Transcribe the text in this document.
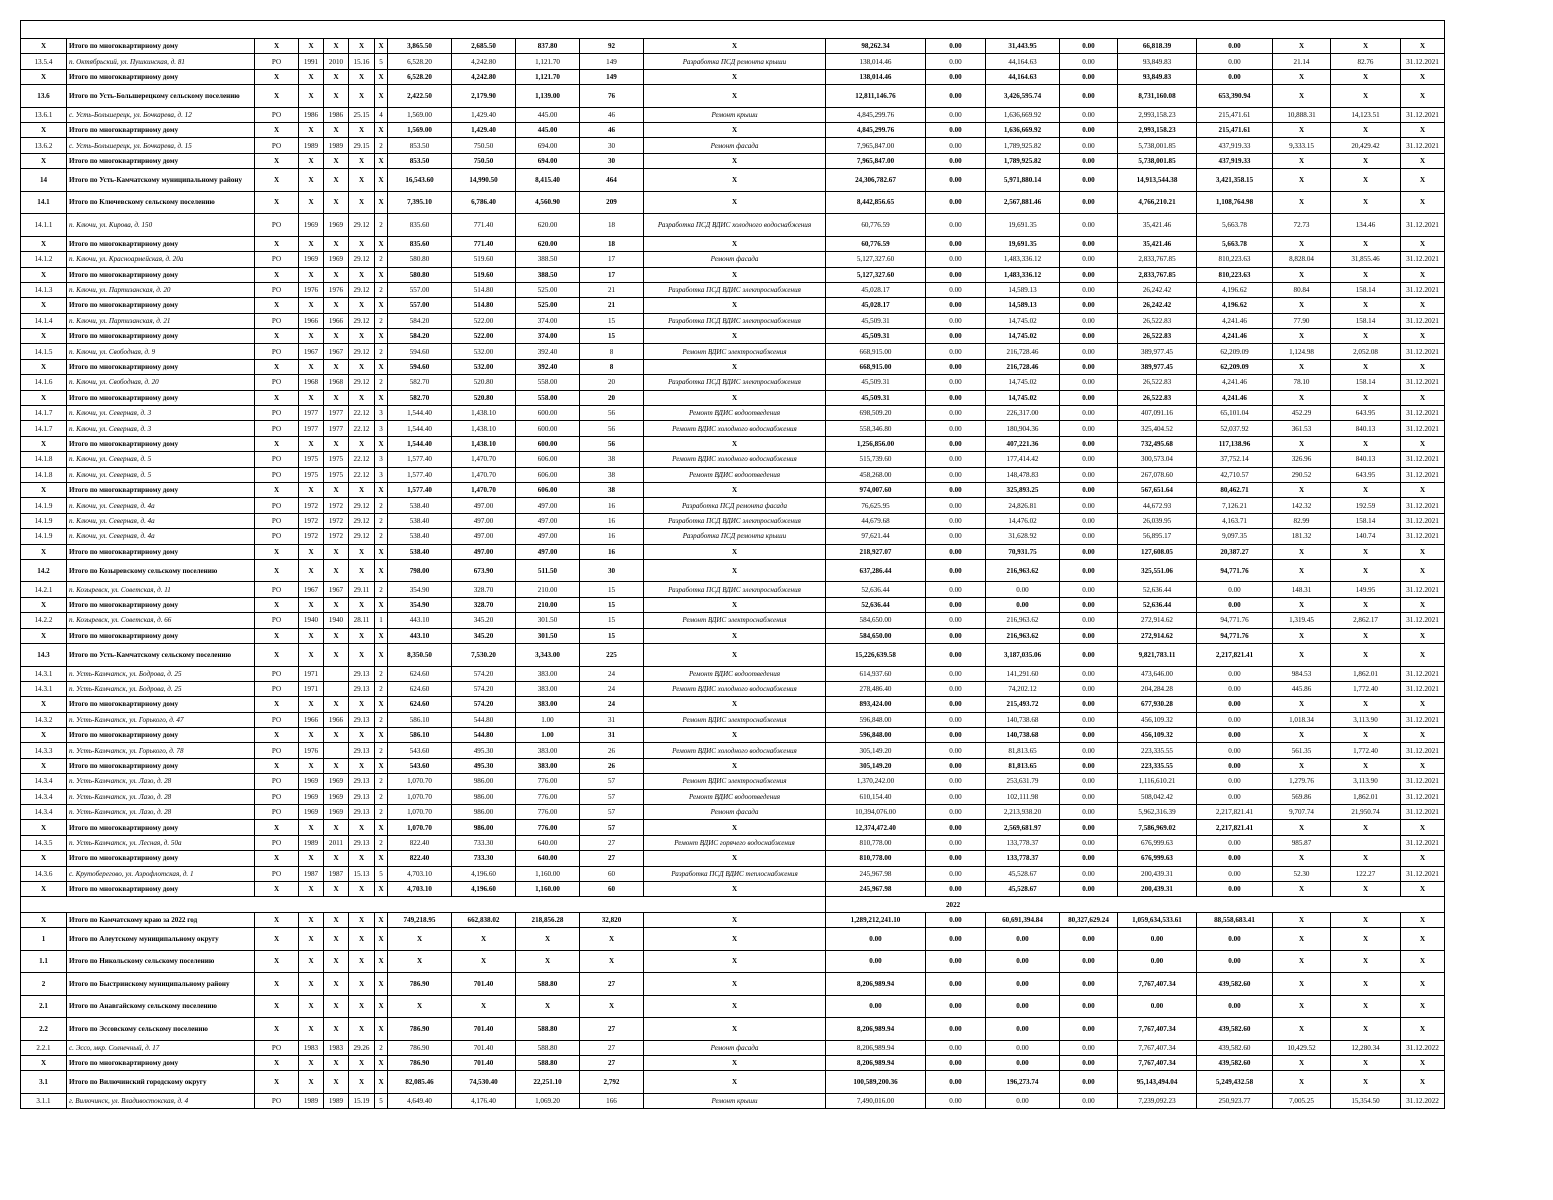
X	Итого по многоквартирному дому	X	X	X	X	X	3,865.50	2,685.50	837.80	92	X	98,262.34	0.00	31,443.95	0.00	66,818.39	0.00	X	X	X
13.5.4	п. Октябрьский, ул. Пушкинская, д. 81	РО	1991	2010	15.16	5	6,528.20	4,242.80	1,121.70	149	Разработка ПСД ремонта крыши	138,014.46	0.00	44,164.63	0.00	93,849.83	0.00	21.14	82.76	31.12.2021
X	Итого по многоквартирному дому	X	X	X	X	X	6,528.20	4,242.80	1,121.70	149	X	138,014.46	0.00	44,164.63	0.00	93,849.83	0.00	X	X	X
13.6	Итого по Усть-Большерецкому сельскому поселению	X	X	X	X	X	2,422.50	2,179.90	1,139.00	76	X	12,811,146.76	0.00	3,426,595.74	0.00	8,731,160.08	653,390.94	X	X	X
13.6.1	с. Усть-Большерецк, ул. Бочкарева, д. 12	РО	1986	1986	25.15	4	1,569.00	1,429.40	445.00	46	Ремонт крыши	4,845,299.76	0.00	1,636,669.92	0.00	2,993,158.23	215,471.61	10,888.31	14,123.51	31.12.2021
X	Итого по многоквартирному дому	X	X	X	X	X	1,569.00	1,429.40	445.00	46	X	4,845,299.76	0.00	1,636,669.92	0.00	2,993,158.23	215,471.61	X	X	X
13.6.2	с. Усть-Большерецк, ул. Бочкарева, д. 15	РО	1989	1989	29.15	2	853.50	750.50	694.00	30	Ремонт фасада	7,965,847.00	0.00	1,789,925.82	0.00	5,738,001.85	437,919.33	9,333.15	20,429.42	31.12.2021
X	Итого по многоквартирному дому	X	X	X	X	X	853.50	750.50	694.00	30	X	7,965,847.00	0.00	1,789,925.82	0.00	5,738,001.85	437,919.33	X	X	X
14	Итого по Усть-Камчатскому муниципальному району	X	X	X	X	X	16,543.60	14,990.50	8,415.40	464	X	24,306,782.67	0.00	5,971,880.14	0.00	14,913,544.38	3,421,358.15	X	X	X
14.1	Итого по Ключевскому сельскому поселению	X	X	X	X	X	7,395.10	6,786.40	4,560.90	209	X	8,442,856.65	0.00	2,567,881.46	0.00	4,766,210.21	1,108,764.98	X	X	X
14.1.1	п. Ключи, ул. Кирова, д. 150	РО	1969	1969	29.12	2	835.60	771.40	620.00	18	Разработка ПСД ВДИС холодного водоснабжения	60,776.59	0.00	19,691.35	0.00	35,421.46	5,663.78	72.73	134.46	31.12.2021
X	Итого по многоквартирному дому	X	X	X	X	X	835.60	771.40	620.00	18	X	60,776.59	0.00	19,691.35	0.00	35,421.46	5,663.78	X	X	X
14.1.2	п. Ключи, ул. Красноармейская, д. 20а	РО	1969	1969	29.12	2	580.80	519.60	388.50	17	Ремонт фасада	5,127,327.60	0.00	1,483,336.12	0.00	2,833,767.85	810,223.63	8,828.04	31,855.46	31.12.2021
X	Итого по многоквартирному дому	X	X	X	X	X	580.80	519.60	388.50	17	X	5,127,327.60	0.00	1,483,336.12	0.00	2,833,767.85	810,223.63	X	X	X
14.1.3	п. Ключи, ул. Партизанская, д. 20	РО	1976	1976	29.12	2	557.00	514.80	525.00	21	Разработка ПСД ВДИС электроснабжения	45,028.17	0.00	14,589.13	0.00	26,242.42	4,196.62	80.84	158.14	31.12.2021
X	Итого по многоквартирному дому	X	X	X	X	X	557.00	514.80	525.00	21	X	45,028.17	0.00	14,589.13	0.00	26,242.42	4,196.62	X	X	X
14.1.4	п. Ключи, ул. Партизанская, д. 21	РО	1966	1966	29.12	2	584.20	522.00	374.00	15	Разработка ПСД ВДИС электроснабжения	45,509.31	0.00	14,745.02	0.00	26,522.83	4,241.46	77.90	158.14	31.12.2021
X	Итого по многоквартирному дому	X	X	X	X	X	584.20	522.00	374.00	15	X	45,509.31	0.00	14,745.02	0.00	26,522.83	4,241.46	X	X	X
14.1.5	п. Ключи, ул. Свободная, д. 9	РО	1967	1967	29.12	2	594.60	532.00	392.40	8	Ремонт ВДИС электроснабжения	668,915.00	0.00	216,728.46	0.00	389,977.45	62,209.09	1,124.98	2,052.08	31.12.2021
X	Итого по многоквартирному дому	X	X	X	X	X	594.60	532.00	392.40	8	X	668,915.00	0.00	216,728.46	0.00	389,977.45	62,209.09	X	X	X
14.1.6	п. Ключи, ул. Свободная, д. 20	РО	1968	1968	29.12	2	582.70	520.80	558.00	20	Разработка ПСД ВДИС электроснабжения	45,509.31	0.00	14,745.02	0.00	26,522.83	4,241.46	78.10	158.14	31.12.2021
X	Итого по многоквартирному дому	X	X	X	X	X	582.70	520.80	558.00	20	X	45,509.31	0.00	14,745.02	0.00	26,522.83	4,241.46	X	X	X
14.1.7	п. Ключи, ул. Северная, д. 3	РО	1977	1977	22.12	3	1,544.40	1,438.10	600.00	56	Ремонт ВДИС водоотведения	698,509.20	0.00	226,317.00	0.00	407,091.16	65,101.04	452.29	643.95	31.12.2021
14.1.7	п. Ключи, ул. Северная, д. 3	РО	1977	1977	22.12	3	1,544.40	1,438.10	600.00	56	Ремонт ВДИС холодного водоснабжения	558,346.80	0.00	180,904.36	0.00	325,404.52	52,037.92	361.53	840.13	31.12.2021
X	Итого по многоквартирному дому	X	X	X	X	X	1,544.40	1,438.10	600.00	56	X	1,256,856.00	0.00	407,221.36	0.00	732,495.68	117,138.96	X	X	X
14.1.8	п. Ключи, ул. Северная, д. 5	РО	1975	1975	22.12	3	1,577.40	1,470.70	606.00	38	Ремонт ВДИС холодного водоснабжения	515,739.60	0.00	177,414.42	0.00	300,573.04	37,752.14	326.96	840.13	31.12.2021
14.1.8	п. Ключи, ул. Северная, д. 5	РО	1975	1975	22.12	3	1,577.40	1,470.70	606.00	38	Ремонт ВДИС водоотведения	458,268.00	0.00	148,478.83	0.00	267,078.60	42,710.57	290.52	643.95	31.12.2021
X	Итого по многоквартирному дому	X	X	X	X	X	1,577.40	1,470.70	606.00	38	X	974,007.60	0.00	325,893.25	0.00	567,651.64	80,462.71	X	X	X
14.1.9	п. Ключи, ул. Северная, д. 4а	РО	1972	1972	29.12	2	538.40	497.00	497.00	16	Разработка ПСД ремонта фасада	76,625.95	0.00	24,826.81	0.00	44,672.93	7,126.21	142.32	192.59	31.12.2021
14.1.9	п. Ключи, ул. Северная, д. 4а	РО	1972	1972	29.12	2	538.40	497.00	497.00	16	Разработка ПСД ВДИС электроснабжения	44,679.68	0.00	14,476.02	0.00	26,039.95	4,163.71	82.99	158.14	31.12.2021
14.1.9	п. Ключи, ул. Северная, д. 4а	РО	1972	1972	29.12	2	538.40	497.00	497.00	16	Разработка ПСД ремонта крыши	97,621.44	0.00	31,628.92	0.00	56,895.17	9,097.35	181.32	140.74	31.12.2021
X	Итого по многоквартирному дому	X	X	X	X	X	538.40	497.00	497.00	16	X	218,927.07	0.00	70,931.75	0.00	127,608.05	20,387.27	X	X	X
14.2	Итого по Козыревскому сельскому поселению	X	X	X	X	X	798.00	673.90	511.50	30	X	637,286.44	0.00	216,963.62	0.00	325,551.06	94,771.76	X	X	X
14.2.1	п. Козыревск, ул. Советская, д. 11	РО	1967	1967	29.11	2	354.90	328.70	210.00	15	Разработка ПСД ВДИС электроснабжения	52,636.44	0.00	0.00	0.00	52,636.44	0.00	148.31	149.95	31.12.2021
X	Итого по многоквартирному дому	X	X	X	X	X	354.90	328.70	210.00	15	X	52,636.44	0.00	0.00	0.00	52,636.44	0.00	X	X	X
14.2.2	п. Козыревск, ул. Советская, д. 66	РО	1940	1940	28.11	1	443.10	345.20	301.50	15	Ремонт ВДИС электроснабжения	584,650.00	0.00	216,963.62	0.00	272,914.62	94,771.76	1,319.45	2,862.17	31.12.2021
X	Итого по многоквартирному дому	X	X	X	X	X	443.10	345.20	301.50	15	X	584,650.00	0.00	216,963.62	0.00	272,914.62	94,771.76	X	X	X
14.3	Итого по Усть-Камчатскому сельскому поселению	X	X	X	X	X	8,350.50	7,530.20	3,343.00	225	X	15,226,639.58	0.00	3,187,035.06	0.00	9,821,783.11	2,217,821.41	X	X	X
14.3.1	п. Усть-Камчатск, ул. Бодрова, д. 25	РО	1971		29.13	2	624.60	574.20	383.00	24	Ремонт ВДИС водоотведения	614,937.60	0.00	141,291.60	0.00	473,646.00	0.00	984.53	1,862.01	31.12.2021
14.3.1	п. Усть-Камчатск, ул. Бодрова, д. 25	РО	1971		29.13	2	624.60	574.20	383.00	24	Ремонт ВДИС холодного водоснабжения	278,486.40	0.00	74,202.12	0.00	204,284.28	0.00	445.86	1,772.40	31.12.2021
X	Итого по многоквартирному дому	X	X	X	X	X	624.60	574.20	383.00	24	X	893,424.00	0.00	215,493.72	0.00	677,930.28	0.00	X	X	X
14.3.2	п. Усть-Камчатск, ул. Горького, д. 47	РО	1966	1966	29.13	2	586.10	544.80	1.00	31	Ремонт ВДИС электроснабжения	596,848.00	0.00	140,738.68	0.00	456,109.32	0.00	1,018.34	3,113.90	31.12.2021
X	Итого по многоквартирному дому	X	X	X	X	X	586.10	544.80	1.00	31	X	596,848.00	0.00	140,738.68	0.00	456,109.32	0.00	X	X	X
14.3.3	п. Усть-Камчатск, ул. Горького, д. 78	РО	1976		29.13	2	543.60	495.30	383.00	26	Ремонт ВДИС холодного водоснабжения	305,149.20	0.00	81,813.65	0.00	223,335.55	0.00	561.35	1,772.40	31.12.2021
X	Итого по многоквартирному дому	X	X	X	X	X	543.60	495.30	383.00	26	X	305,149.20	0.00	81,813.65	0.00	223,335.55	0.00	X	X	X
14.3.4	п. Усть-Камчатск, ул. Лазо, д. 28	РО	1969	1969	29.13	2	1,070.70	986.00	776.00	57	Ремонт ВДИС электроснабжения	1,370,242.00	0.00	253,631.79	0.00	1,116,610.21	0.00	1,279.76	3,113.90	31.12.2021
14.3.4	п. Усть-Камчатск, ул. Лазо, д. 28	РО	1969	1969	29.13	2	1,070.70	986.00	776.00	57	Ремонт ВДИС водоотведения	610,154.40	0.00	102,111.98	0.00	508,042.42	0.00	569.86	1,862.01	31.12.2021
14.3.4	п. Усть-Камчатск, ул. Лазо, д. 28	РО	1969	1969	29.13	2	1,070.70	986.00	776.00	57	Ремонт фасада	10,394,076.00	0.00	2,213,938.20	0.00	5,962,316.39	2,217,821.41	9,707.74	21,950.74	31.12.2021
X	Итого по многоквартирному дому	X	X	X	X	X	1,070.70	986.00	776.00	57	X	12,374,472.40	0.00	2,569,681.97	0.00	7,586,969.02	2,217,821.41	X	X	X
14.3.5	п. Усть-Камчатск, ул. Лесная, д. 50а	РО	1989	2011	29.13	2	822.40	733.30	640.00	27	Ремонт ВДИС горячего водоснабжения	810,778.00	0.00	133,778.37	0.00	676,999.63	0.00	985.87		31.12.2021
X	Итого по многоквартирному дому	X	X	X	X	X	822.40	733.30	640.00	27	X	810,778.00	0.00	133,778.37	0.00	676,999.63	0.00	X	X	X
14.3.6	с. Крутоберегово, ул. Аэрофлотская, д. 1	РО	1987	1987	15.13	5	4,703.10	4,196.60	1,160.00	60	Разработка ПСД ВДИС теплоснабжения	245,967.98	0.00	45,528.67	0.00	200,439.31	0.00	52.30	122.27	31.12.2021
X	Итого по многоквартирному дому	X	X	X	X	X	4,703.10	4,196.60	1,160.00	60	X	245,967.98	0.00	45,528.67	0.00	200,439.31	0.00	X	X	X
												2022								
X	Итого по Камчатскому краю за 2022 год	X	X	X	X	X	749,218.95	662,838.02	218,856.28	32,820	X	1,289,212,241.10	0.00	60,691,394.84	80,327,629.24	1,059,634,533.61	88,558,683.41	X	X	X
1	Итого по Алеутскому муниципальному округу	X	X	X	X	X	X	X	X	X	X	0.00	0.00	0.00	0.00	0.00	0.00	X	X	X
1.1	Итого по Никольскому сельскому поселению	X	X	X	X	X	X	X	X	X	X	0.00	0.00	0.00	0.00	0.00	0.00	X	X	X
2	Итого по Быстринскому муниципальному району	X	X	X	X	X	786.90	701.40	588.80	27	X	8,206,989.94	0.00	0.00	0.00	7,767,407.34	439,582.60	X	X	X
2.1	Итого по Анавгайскому сельскому поселению	X	X	X	X	X	X	X	X	X	X	0.00	0.00	0.00	0.00	0.00	0.00	X	X	X
2.2	Итого по Эссовскому сельскому поселению	X	X	X	X	X	786.90	701.40	588.80	27	X	8,206,989.94	0.00	0.00	0.00	7,767,407.34	439,582.60	X	X	X
2.2.1	с. Эссо, мкр. Солнечный, д. 17	РО	1983	1983	29.26	2	786.90	701.40	588.80	27	Ремонт фасада	8,206,989.94	0.00	0.00	0.00	7,767,407.34	439,582.60	10,429.52	12,280.34	31.12.2022
X	Итого по многоквартирному дому	X	X	X	X	X	786.90	701.40	588.80	27	X	8,206,989.94	0.00	0.00	0.00	7,767,407.34	439,582.60	X	X	X
3.1	Итого по Вилючинский городскому округу	X	X	X	X	X	82,085.46	74,530.40	22,251.10	2,792	X	100,589,200.36	0.00	196,273.74	0.00	95,143,494.04	5,249,432.58	X	X	X
3.1.1	г. Вилючинск, ул. Владивостокская, д. 4	РО	1989	1989	15.19	5	4,649.40	4,176.40	1,069.20	166	Ремонт крыши	7,490,016.00	0.00	0.00	0.00	7,239,092.23	250,923.77	7,005.25	15,354.50	31.12.2022
